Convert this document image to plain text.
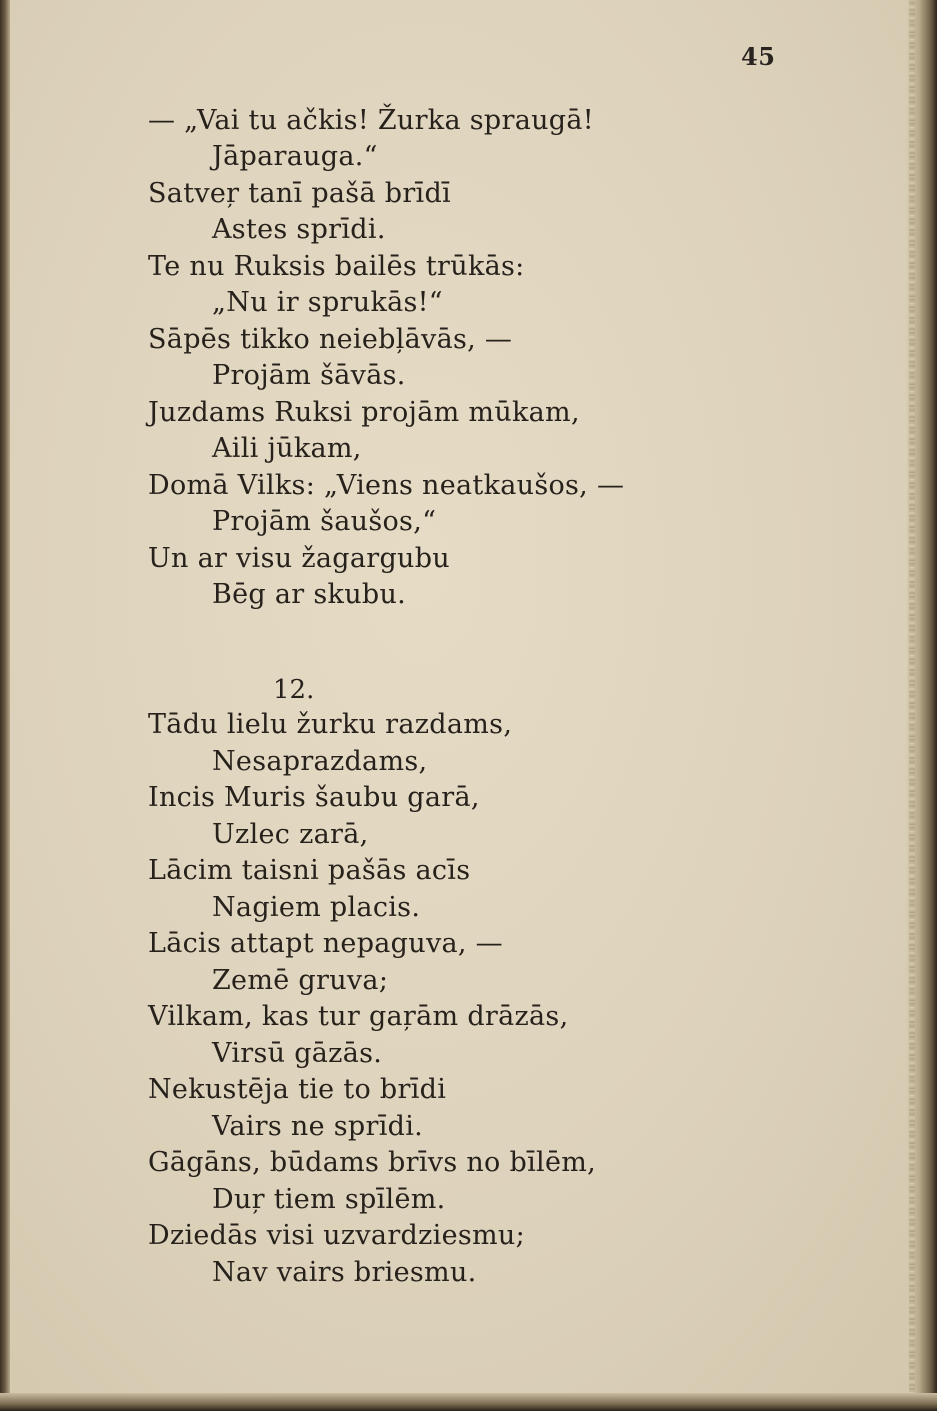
45
— „Vai tu ačkis! Žurka spraugā!
Jāparauga.“
Satveŗ tanī pašā brīdī
Astes sprīdi.
Te nu Ruksis bailēs trūkās:
„Nu ir sprukās!“
Sāpēs tikko neiebļāvās, —
Projām šāvās.
Juzdams Ruksi projām mūkam,
Aili jūkam,
Domā Vilks: „Viens neatkaušos, —
Projām šaušos,“
Un ar visu žagargubu
Bēg ar skubu.
12.
Tādu lielu žurku razdams,
Nesaprazdams,
Incis Muris šaubu garā,
Uzlec zarā,
Lācim taisni pašās acīs
Nagiem placis.
Lācis attapt nepaguva, —
Zemē gruva;
Vilkam, kas tur gaŗām drāzās,
Virsū gāzās.
Nekustēja tie to brīdi
Vairs ne sprīdi.
Gāgāns, būdams brīvs no bīlēm,
Duŗ tiem spīlēm.
Dziedās visi uzvardziesmu;
Nav vairs briesmu.
